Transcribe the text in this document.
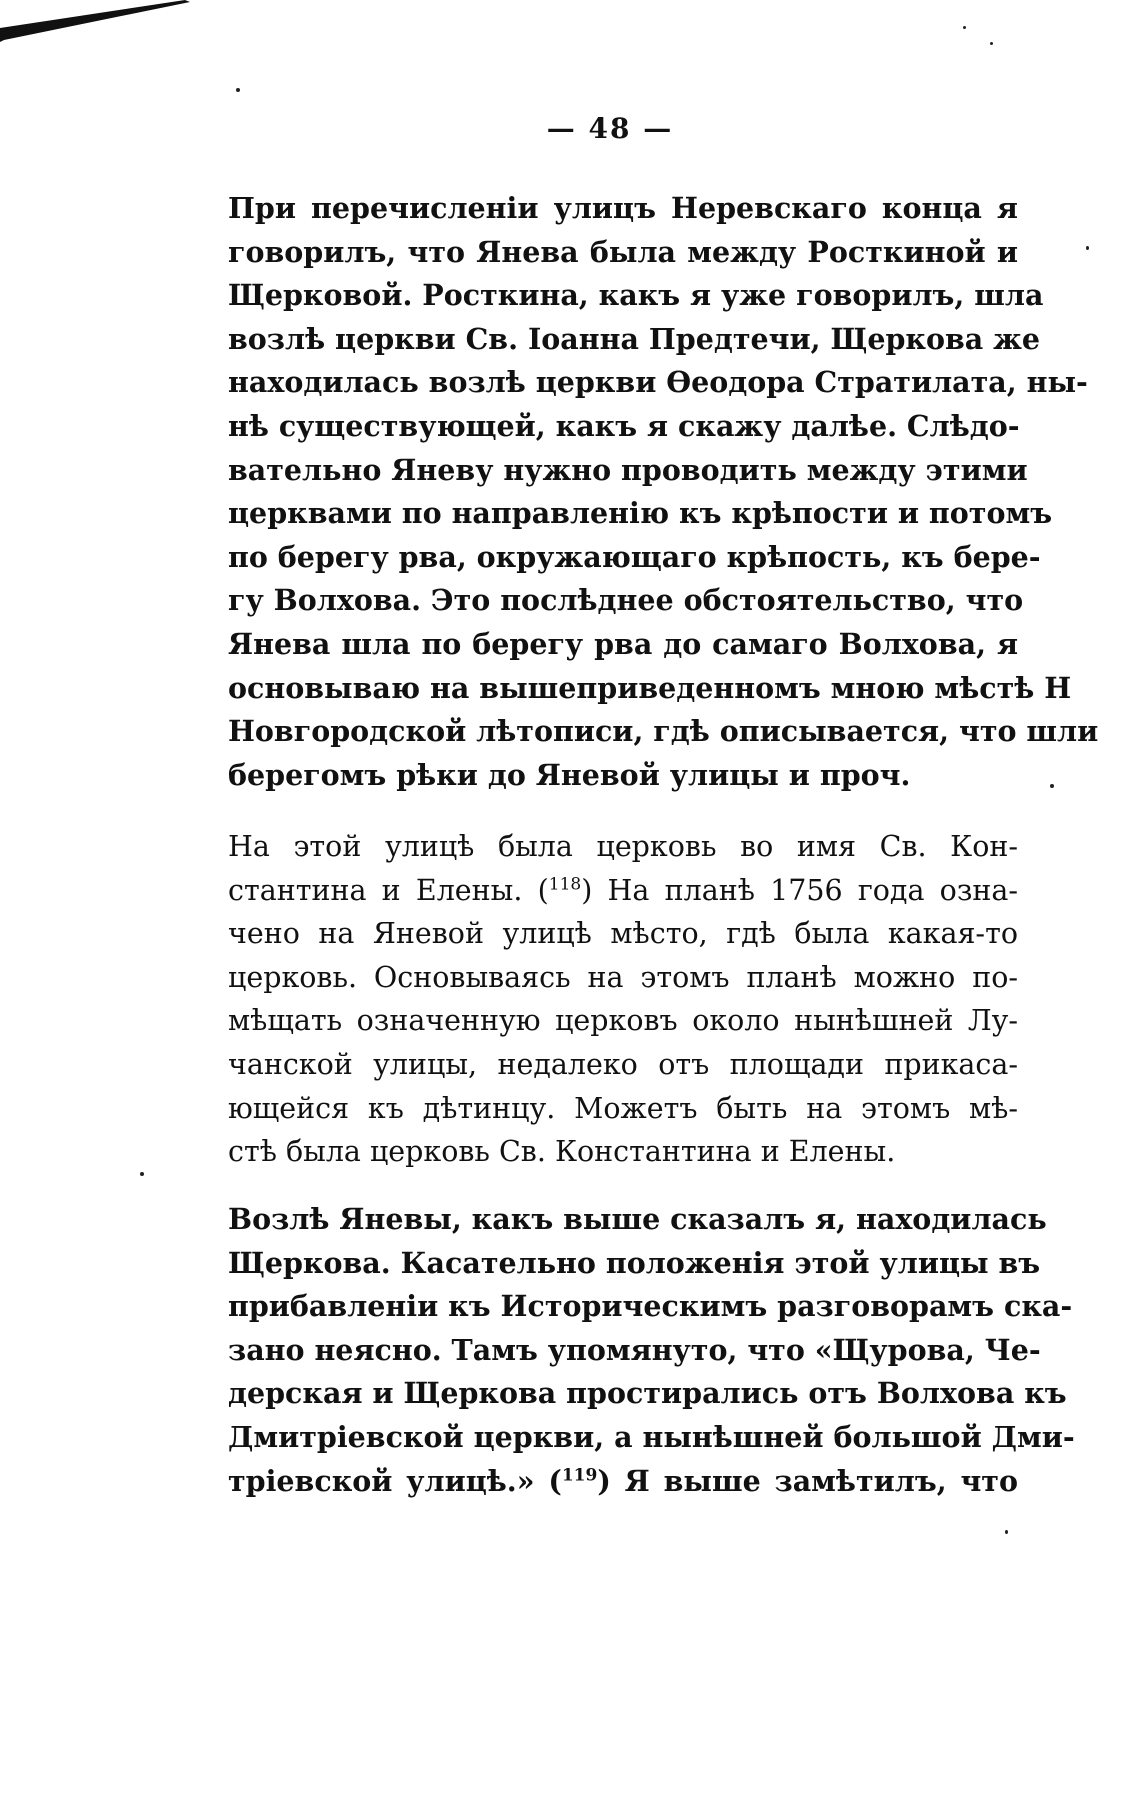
— 48 —
При перечисленіи улицъ Неревскаго конца я
говорилъ, что Янева была между Росткиной и
Щерковой. Росткина, какъ я уже говорилъ, шла
возлѣ церкви Св. Іоанна Предтечи, Щеркова же
находилась возлѣ церкви Ѳеодора Стратилата, ны-
нѣ существующей, какъ я скажу далѣе. Слѣдо-
вательно Яневу нужно проводить между этими
церквами по направленію къ крѣпости и потомъ
по берегу рва, окружающаго крѣпость, къ бере-
гу Волхова. Это послѣднее обстоятельство, что
Янева шла по берегу рва до самаго Волхова, я
основываю на вышеприведенномъ мною мѣстѣ Н
Новгородской лѣтописи, гдѣ описывается, что шли
берегомъ рѣки до Яневой улицы и проч.
На этой улицѣ была церковь во имя Св. Кон-
стантина и Елены. ($^{118}$) На планѣ 1756 года озна-
чено на Яневой улицѣ мѣсто, гдѣ была какая-то
церковь. Основываясь на этомъ планѣ можно по-
мѣщать означенную церковъ около нынѣшней Лу-
чанской улицы, недалеко отъ площади прикаса-
ющейся къ дѣтинцу. Можетъ быть на этомъ мѣ-
стѣ была церковь Св. Константина и Елены.
Возлѣ Яневы, какъ выше сказалъ я, находилась
Щеркова. Касательно положенія этой улицы въ
прибавленіи къ Историческимъ разговорамъ ска-
зано неясно. Тамъ упомянуто, что «Щурова, Че-
дерская и Щеркова простирались отъ Волхова къ
Дмитріевской церкви, а нынѣшней большой Дми-
тріевской улицѣ.» ($^{119}$) Я выше замѣтилъ, что
